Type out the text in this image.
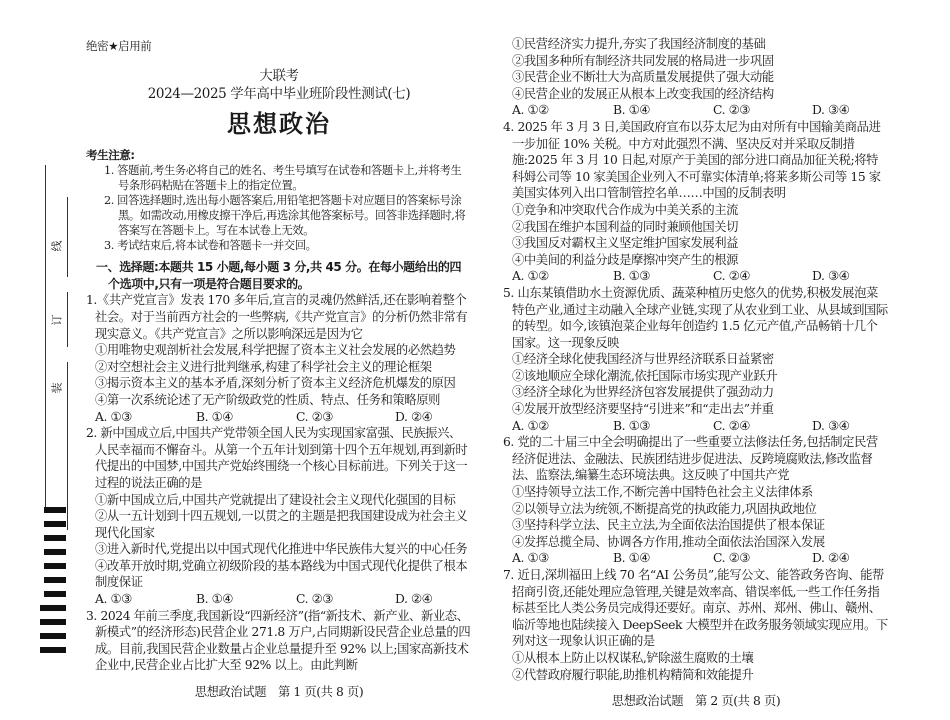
线
订
装
绝密★启用前
大联考
2024—2025 学年高中毕业班阶段性测试(七)
思想政治
考生注意:
1. 答题前,考生务必将自己的姓名、考生号填写在试卷和答题卡上,并将考生号条形码粘贴在答题卡上的指定位置。
2. 回答选择题时,选出每小题答案后,用铅笔把答题卡对应题目的答案标号涂黑。如需改动,用橡皮擦干净后,再选涂其他答案标号。回答非选择题时,将答案写在答题卡上。写在本试卷上无效。
3. 考试结束后,将本试卷和答题卡一并交回。
一、选择题:本题共 15 小题,每小题 3 分,共 45 分。在每小题给出的四个选项中,只有一项是符合题目要求的。
1.《共产党宣言》发表 170 多年后,宣言的灵魂仍然鲜活,还在影响着整个社会。对于当前西方社会的一些弊病,《共产党宣言》的分析仍然非常有现实意义。《共产党宣言》之所以影响深远是因为它
①用唯物史观剖析社会发展,科学把握了资本主义社会发展的必然趋势
②对空想社会主义进行批判继承,构建了科学社会主义的理论框架
③揭示资本主义的基本矛盾,深刻分析了资本主义经济危机爆发的原因
④第一次系统论述了无产阶级政党的性质、特点、任务和策略原则
A. ①③	B. ①④	C. ②③	D. ②④
2. 新中国成立后,中国共产党带领全国人民为实现国家富强、民族振兴、人民幸福而不懈奋斗。从第一个五年计划到第十四个五年规划,再到新时代提出的中国梦,中国共产党始终围绕一个核心目标前进。下列关于这一过程的说法正确的是
①新中国成立后,中国共产党就提出了建设社会主义现代化强国的目标
②从一五计划到十四五规划,一以贯之的主题是把我国建设成为社会主义现代化国家
③进入新时代,党提出以中国式现代化推进中华民族伟大复兴的中心任务
④改革开放时期,党确立初级阶段的基本路线为中国式现代化提供了根本制度保证
A. ①③	B. ①④	C. ②③	D. ②④
3. 2024 年前三季度,我国新设“四新经济”(指“新技术、新产业、新业态、新模式”的经济形态)民营企业 271.8 万户,占同期新设民营企业总量的四成。目前,我国民营企业数量占企业总量提升至 92% 以上;国家高新技术企业中,民营企业占比扩大至 92% 以上。由此判断
思想政治试题　第 1 页(共 8 页)
①民营经济实力提升,夯实了我国经济制度的基础
②我国多种所有制经济共同发展的格局进一步巩固
③民营企业不断壮大为高质量发展提供了强大动能
④民营企业的发展正从根本上改变我国的经济结构
A. ①②	B. ①④	C. ②③	D. ③④
4. 2025 年 3 月 3 日,美国政府宣布以芬太尼为由对所有中国输美商品进一步加征 10% 关税。中方对此强烈不满、坚决反对并采取反制措施:2025 年 3 月 10 日起,对原产于美国的部分进口商品加征关税;将特科姆公司等 10 家美国企业列入不可靠实体清单;将莱多斯公司等 15 家美国实体列入出口管制管控名单……中国的反制表明
①竞争和冲突取代合作成为中美关系的主流
②我国在维护本国利益的同时兼顾他国关切
③我国反对霸权主义坚定维护国家发展利益
④中美间的利益分歧是摩擦冲突产生的根源
A. ①②	B. ①③	C. ②④	D. ③④
5. 山东某镇借助水土资源优质、蔬菜种植历史悠久的优势,积极发展泡菜特色产业,通过主动融入全球产业链,实现了从农业到工业、从县域到国际的转型。如今,该镇泡菜企业每年创造约 1.5 亿元产值,产品畅销十几个国家。这一现象反映
①经济全球化使我国经济与世界经济联系日益紧密
②该地顺应全球化潮流,依托国际市场实现产业跃升
③经济全球化为世界经济包容发展提供了强劲动力
④发展开放型经济要坚持“引进来”和“走出去”并重
A. ①②	B. ①③	C. ②④	D. ③④
6. 党的二十届三中全会明确提出了一些重要立法修法任务,包括制定民营经济促进法、金融法、民族团结进步促进法、反跨境腐败法,修改监督法、监察法,编纂生态环境法典。这反映了中国共产党
①坚持领导立法工作,不断完善中国特色社会主义法律体系
②以领导立法为统领,不断提高党的执政能力,巩固执政地位
③坚持科学立法、民主立法,为全面依法治国提供了根本保证
④发挥总揽全局、协调各方作用,推动全面依法治国深入发展
A. ①③	B. ①④	C. ②③	D. ②④
7. 近日,深圳福田上线 70 名“AI 公务员”,能写公文、能答政务咨询、能帮招商引资,还能处理应急管理,关键是效率高、错误率低,一些工作任务指标甚至比人类公务员完成得还要好。南京、苏州、郑州、佛山、赣州、临沂等地也陆续接入 DeepSeek 大模型并在政务服务领域实现应用。下列对这一现象认识正确的是
①从根本上防止以权谋私,铲除滋生腐败的土壤
②代替政府履行职能,助推机构精简和效能提升
思想政治试题　第 2 页(共 8 页)
